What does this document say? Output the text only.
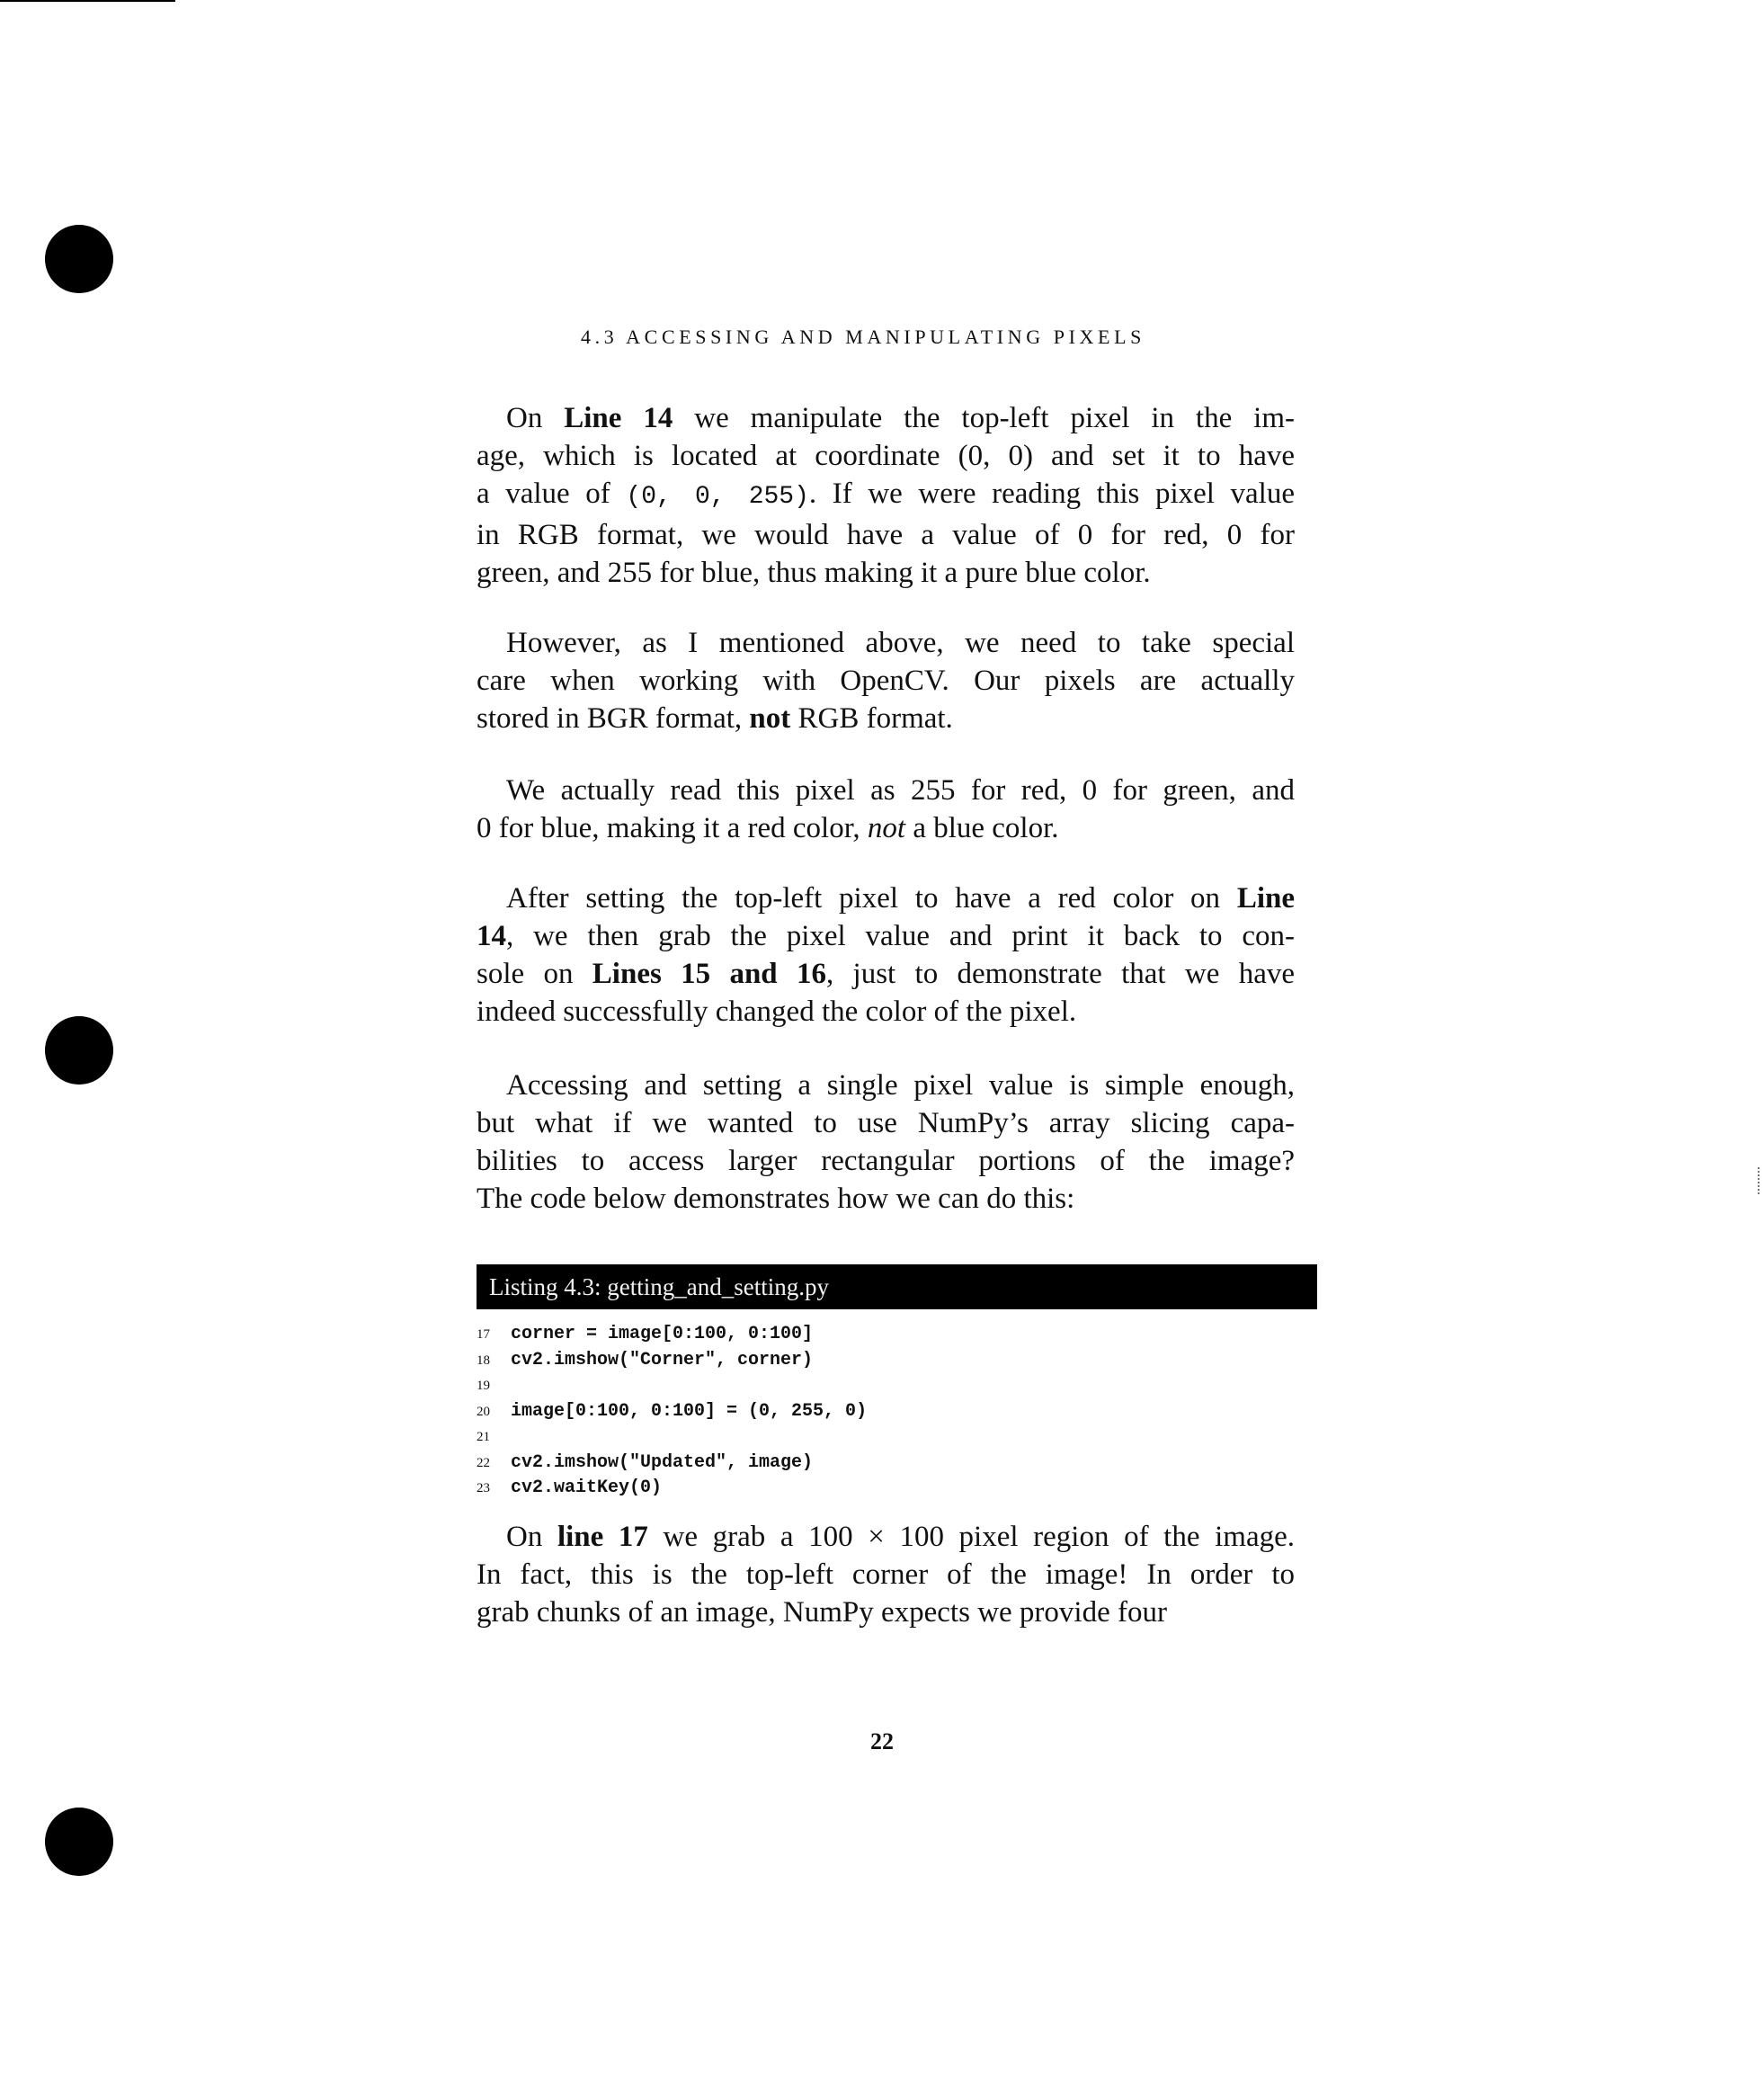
4.3 ACCESSING AND MANIPULATING PIXELS
On Line 14 we manipulate the top-left pixel in the im-
age, which is located at coordinate (0, 0) and set it to have
a value of (0, 0, 255). If we were reading this pixel value
in RGB format, we would have a value of 0 for red, 0 for
green, and 255 for blue, thus making it a pure blue color.
However, as I mentioned above, we need to take special
care when working with OpenCV. Our pixels are actually
stored in BGR format, not RGB format.
We actually read this pixel as 255 for red, 0 for green, and
0 for blue, making it a red color, not a blue color.
After setting the top-left pixel to have a red color on Line
14, we then grab the pixel value and print it back to con-
sole on Lines 15 and 16, just to demonstrate that we have
indeed successfully changed the color of the pixel.
Accessing and setting a single pixel value is simple enough,
but what if we wanted to use NumPy’s array slicing capa-
bilities to access larger rectangular portions of the image?
The code below demonstrates how we can do this:
Listing 4.3: getting_and_setting.py
17 corner = image[0:100, 0:100]
18 cv2.imshow("Corner", corner)
19
20 image[0:100, 0:100] = (0, 255, 0)
21
22 cv2.imshow("Updated", image)
23 cv2.waitKey(0)
On line 17 we grab a 100 × 100 pixel region of the image.
In fact, this is the top-left corner of the image! In order to
grab chunks of an image, NumPy expects we provide four
22
